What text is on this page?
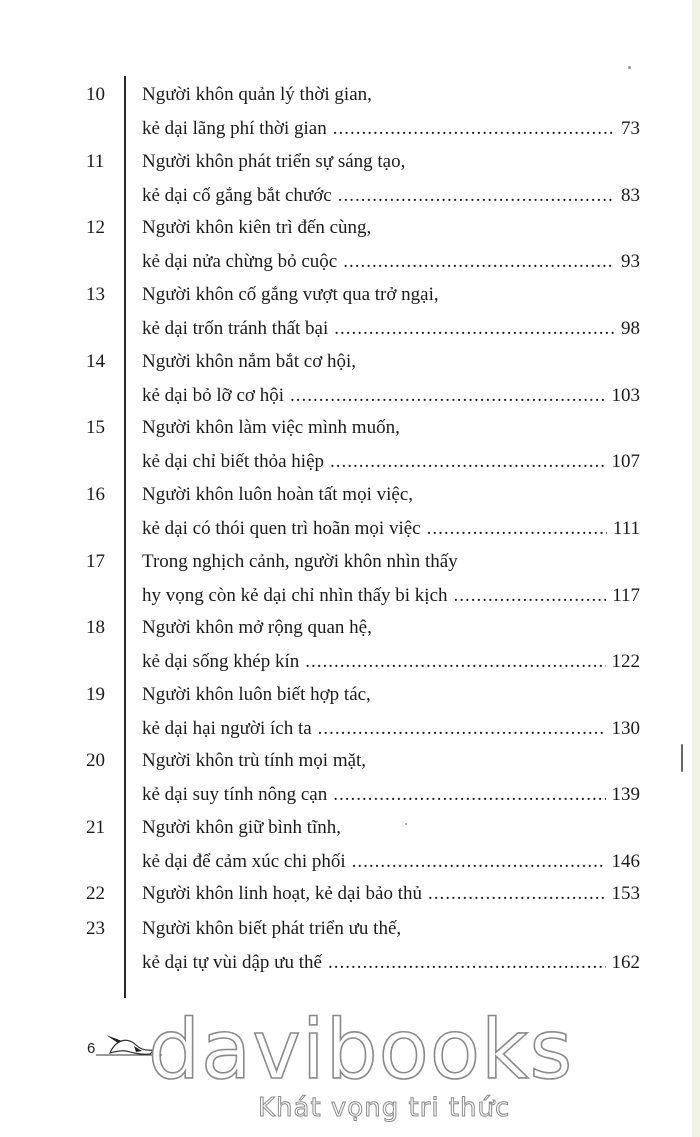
10 Người khôn quản lý thời gian,
kẻ dại lãng phí thời gian .....	73
11 Người khôn phát triển sự sáng tạo,
kẻ dại cố gắng bắt chước .....	83
12 Người khôn kiên trì đến cùng,
kẻ dại nửa chừng bỏ cuộc .....	93
13 Người khôn cố gắng vượt qua trở ngại,
kẻ dại trốn tránh thất bại .....	98
14 Người khôn nắm bắt cơ hội,
kẻ dại bỏ lỡ cơ hội .....	103
15 Người khôn làm việc mình muốn,
kẻ dại chỉ biết thỏa hiệp .....	107
16 Người khôn luôn hoàn tất mọi việc,
kẻ dại có thói quen trì hoãn mọi việc .....	111
17 Trong nghịch cảnh, người khôn nhìn thấy
hy vọng còn kẻ dại chỉ nhìn thấy bi kịch .....	117
18 Người khôn mở rộng quan hệ,
kẻ dại sống khép kín .....	122
19 Người khôn luôn biết hợp tác,
kẻ dại hại người ích ta .....	130
20 Người khôn trù tính mọi mặt,
kẻ dại suy tính nông cạn .....	139
21 Người khôn giữ bình tĩnh,
kẻ dại để cảm xúc chi phối .....	146
22 Người khôn linh hoạt, kẻ dại bảo thủ .....	153
23 Người khôn biết phát triển ưu thế,
kẻ dại tự vùi dập ưu thế .....	162
6 davibooks
Khát vọng tri thức
